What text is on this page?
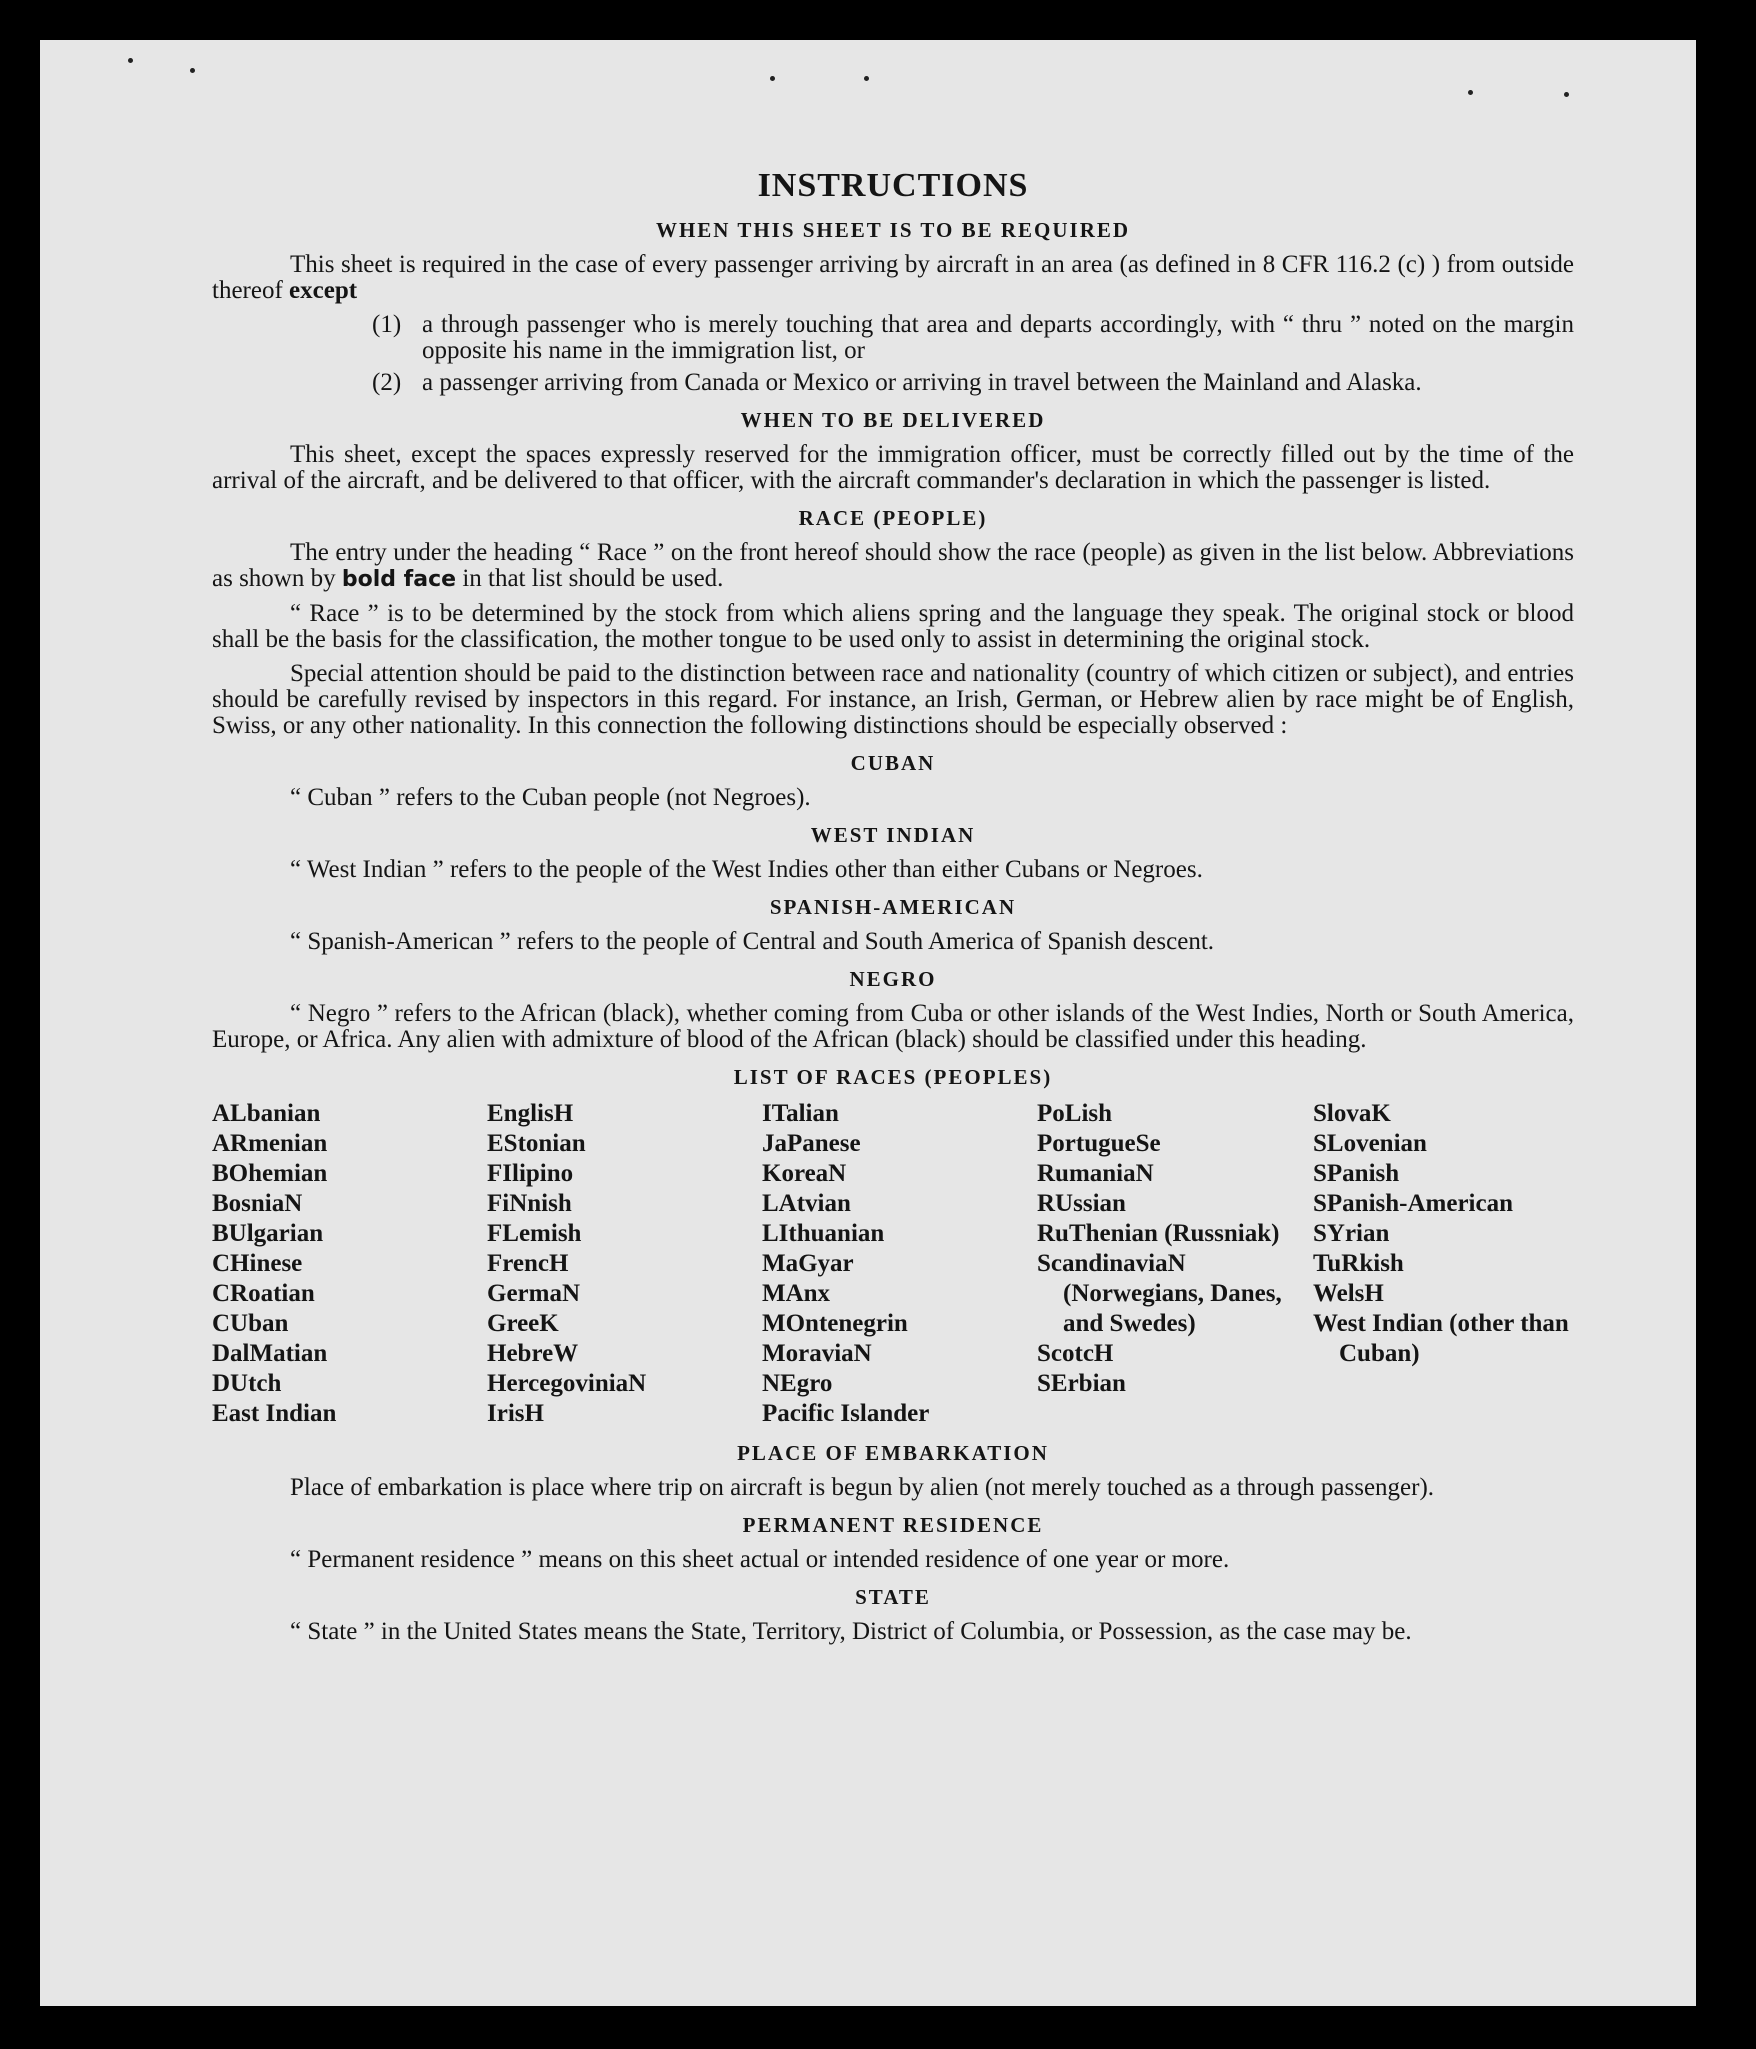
INSTRUCTIONS
WHEN THIS SHEET IS TO BE REQUIRED

This sheet is required in the case of every passenger arriving by aircraft in an area (as defined in 8 CFR 116.2 (c) ) from outside thereof except

(1) a through passenger who is merely touching that area and departs accordingly, with “ thru ” noted on the margin opposite his name in the immigration list, or
(2) a passenger arriving from Canada or Mexico or arriving in travel between the Mainland and Alaska.
WHEN TO BE DELIVERED

This sheet, except the spaces expressly reserved for the immigration officer, must be correctly filled out by the time of the arrival of the aircraft, and be delivered to that officer, with the aircraft commander's declaration in which the passenger is listed.

RACE (PEOPLE)

The entry under the heading “ Race ” on the front hereof should show the race (people) as given in the list below. Abbreviations as shown by bold face in that list should be used.

“ Race ” is to be determined by the stock from which aliens spring and the language they speak. The original stock or blood shall be the basis for the classification, the mother tongue to be used only to assist in determining the original stock.

Special attention should be paid to the distinction between race and nationality (country of which citizen or subject), and entries should be carefully revised by inspectors in this regard. For instance, an Irish, German, or Hebrew alien by race might be of English, Swiss, or any other nationality. In this connection the following distinctions should be especially observed :

CUBAN

“ Cuban ” refers to the Cuban people (not Negroes).

WEST INDIAN

“ West Indian ” refers to the people of the West Indies other than either Cubans or Negroes.

SPANISH-AMERICAN

“ Spanish-American ” refers to the people of Central and South America of Spanish descent.

NEGRO

“ Negro ” refers to the African (black), whether coming from Cuba or other islands of the West Indies, North or South America, Europe, or Africa. Any alien with admixture of blood of the African (black) should be classified under this heading.

LIST OF RACES (PEOPLES)
ALbanian
ARmenian
BOhemian
BosniaN
BUlgarian
CHinese
CRoatian
CUban
DalMatian
DUtch
East Indian
EnglisH
EStonian
FIlipino
FiNnish
FLemish
FrencH
GermaN
GreeK
HebreW
HercegoviniaN
IrisH
ITalian
JaPanese
KoreaN
LAtvian
LIthuanian
MaGyar
MAnx
MOntenegrin
MoraviaN
NEgro
Pacific Islander
PoLish
PortugueSe
RumaniaN
RUssian
RuThenian (Russniak)
ScandinaviaN (Norwegians, Danes, and Swedes)
ScotcH
SErbian
SlovaK
SLovenian
SPanish
SPanish-American
SYrian
TuRkish
WelsH
West Indian (other than Cuban)
PLACE OF EMBARKATION

Place of embarkation is place where trip on aircraft is begun by alien (not merely touched as a through passenger).

PERMANENT RESIDENCE

“ Permanent residence ” means on this sheet actual or intended residence of one year or more.

STATE

“ State ” in the United States means the State, Territory, District of Columbia, or Possession, as the case may be.
